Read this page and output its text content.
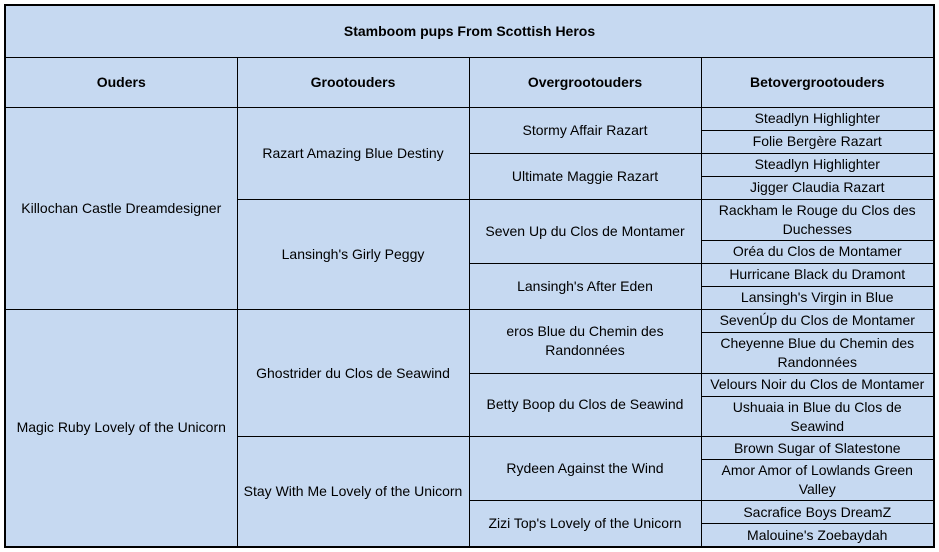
Stamboom pups From Scottish Heros			
Ouders	Grootouders	Overgrootouders	Betovergrootouders
Killochan Castle Dreamdesigner	Razart Amazing Blue Destiny	Stormy Affair Razart	Steadlyn Highlighter
			Folie Bergère Razart
		Ultimate Maggie Razart	Steadlyn Highlighter
			Jigger Claudia Razart
	Lansingh's Girly Peggy	Seven Up du Clos de Montamer	Rackham le Rouge du Clos des Duchesses
			Oréa du Clos de Montamer
		Lansingh's After Eden	Hurricane Black du Dramont
			Lansingh's Virgin in Blue
Magic Ruby Lovely of the Unicorn	Ghostrider du Clos de Seawind	eros Blue du Chemin des Randonnées	SevenÚp du Clos de Montamer
			Cheyenne Blue du Chemin des Randonnées
		Betty Boop du Clos de Seawind	Velours Noir du Clos de Montamer
			Ushuaia in Blue du Clos de Seawind
	Stay With Me Lovely of the Unicorn	Rydeen Against the Wind	Brown Sugar of Slatestone
			Amor Amor of Lowlands Green Valley
		Zizi Top's Lovely of the Unicorn	Sacrafice Boys DreamZ
			Malouine's Zoebaydah
